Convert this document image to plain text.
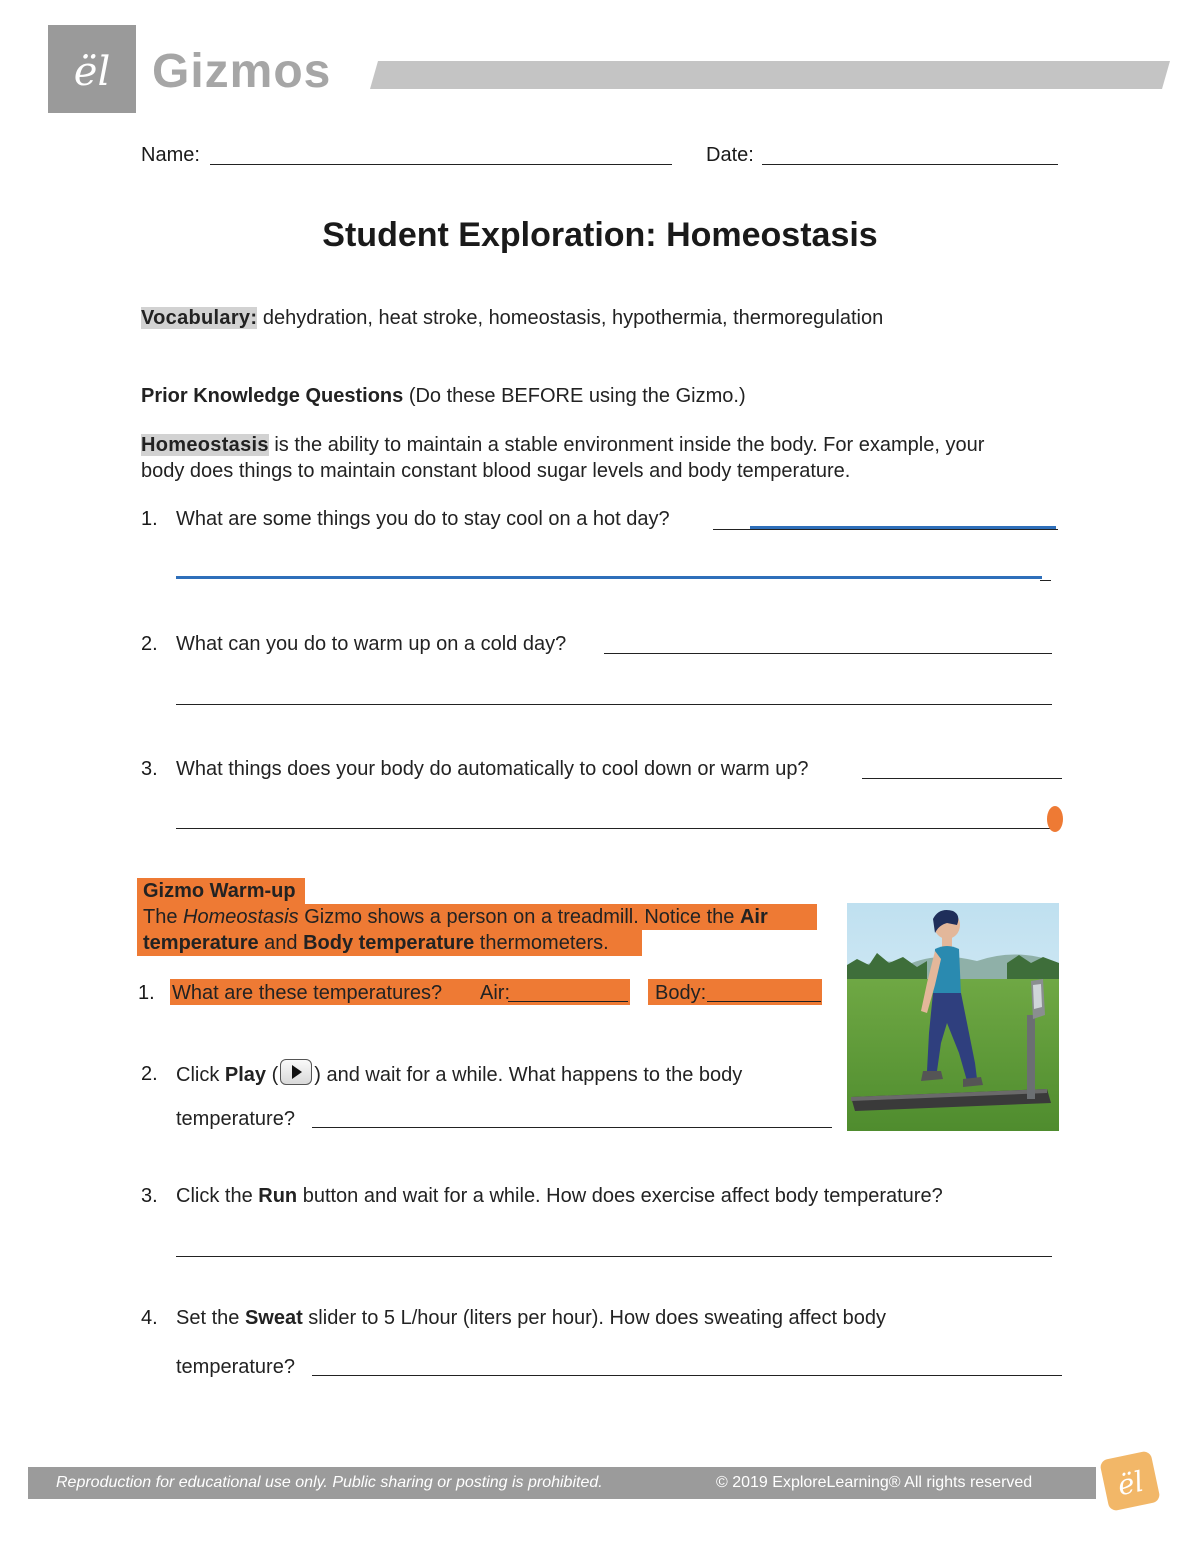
ël Gizmos
Name:	Date:
Student Exploration: Homeostasis
Vocabulary: dehydration, heat stroke, homeostasis, hypothermia, thermoregulation
Prior Knowledge Questions (Do these BEFORE using the Gizmo.)
Homeostasis is the ability to maintain a stable environment inside the body. For example, your
body does things to maintain constant blood sugar levels and body temperature.
1. What are some things you do to stay cool on a hot day?
2. What can you do to warm up on a cold day?
3. What things does your body do automatically to cool down or warm up?
Gizmo Warm-up
The Homeostasis Gizmo shows a person on a treadmill. Notice the Air
temperature and Body temperature thermometers.
1. What are these temperatures? Air:	Body:
2. Click Play ( ) and wait for a while. What happens to the body
temperature?
3. Click the Run button and wait for a while. How does exercise affect body temperature?
4. Set the Sweat slider to 5 L/hour (liters per hour). How does sweating affect body
temperature?
Reproduction for educational use only. Public sharing or posting is prohibited.	© 2019 ExploreLearning® All rights reserved	ël
